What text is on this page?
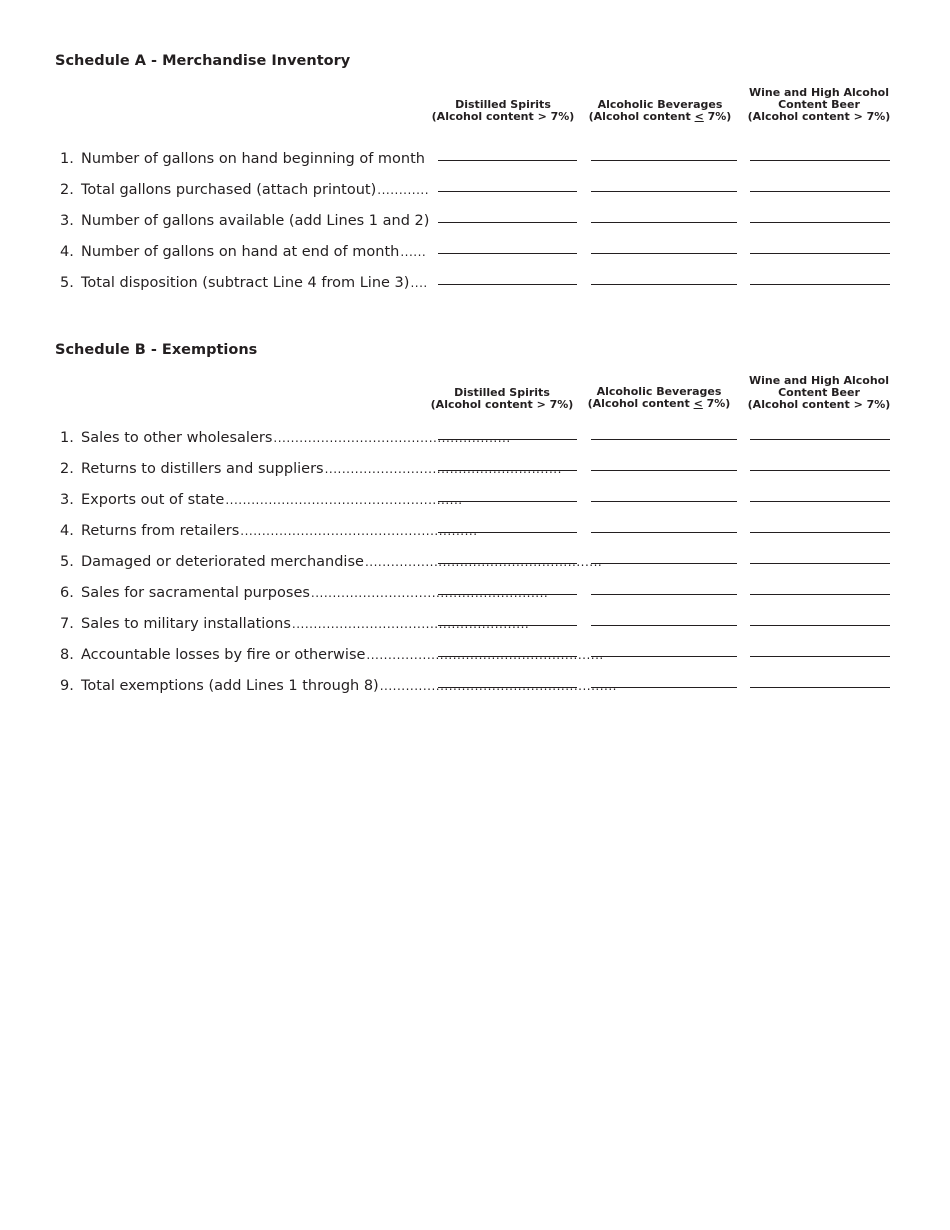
Schedule A - Merchandise Inventory
Distilled Spirits
(Alcohol content > 7%)
Alcoholic Beverages
(Alcohol content ≤ 7%)
Wine and High Alcohol
Content Beer
(Alcohol content > 7%)
1. Number of gallons on hand beginning of month
2. Total gallons purchased (attach printout) ............
3. Number of gallons available (add Lines 1 and 2)
4. Number of gallons on hand at end of month ......
5. Total disposition (subtract Line 4 from Line 3) ....
Schedule B - Exemptions
Distilled Spirits
(Alcohol content > 7%)
Alcoholic Beverages
(Alcohol content ≤ 7%)
Wine and High Alcohol
Content Beer
(Alcohol content > 7%)
1. Sales to other wholesalers .......................................................
2. Returns to distillers and suppliers .......................................................
3. Exports out of state .......................................................
4. Returns from retailers .......................................................
5. Damaged or deteriorated merchandise .......................................................
6. Sales for sacramental purposes .......................................................
7. Sales to military installations .......................................................
8. Accountable losses by fire or otherwise .......................................................
9. Total exemptions (add Lines 1 through 8) .......................................................
